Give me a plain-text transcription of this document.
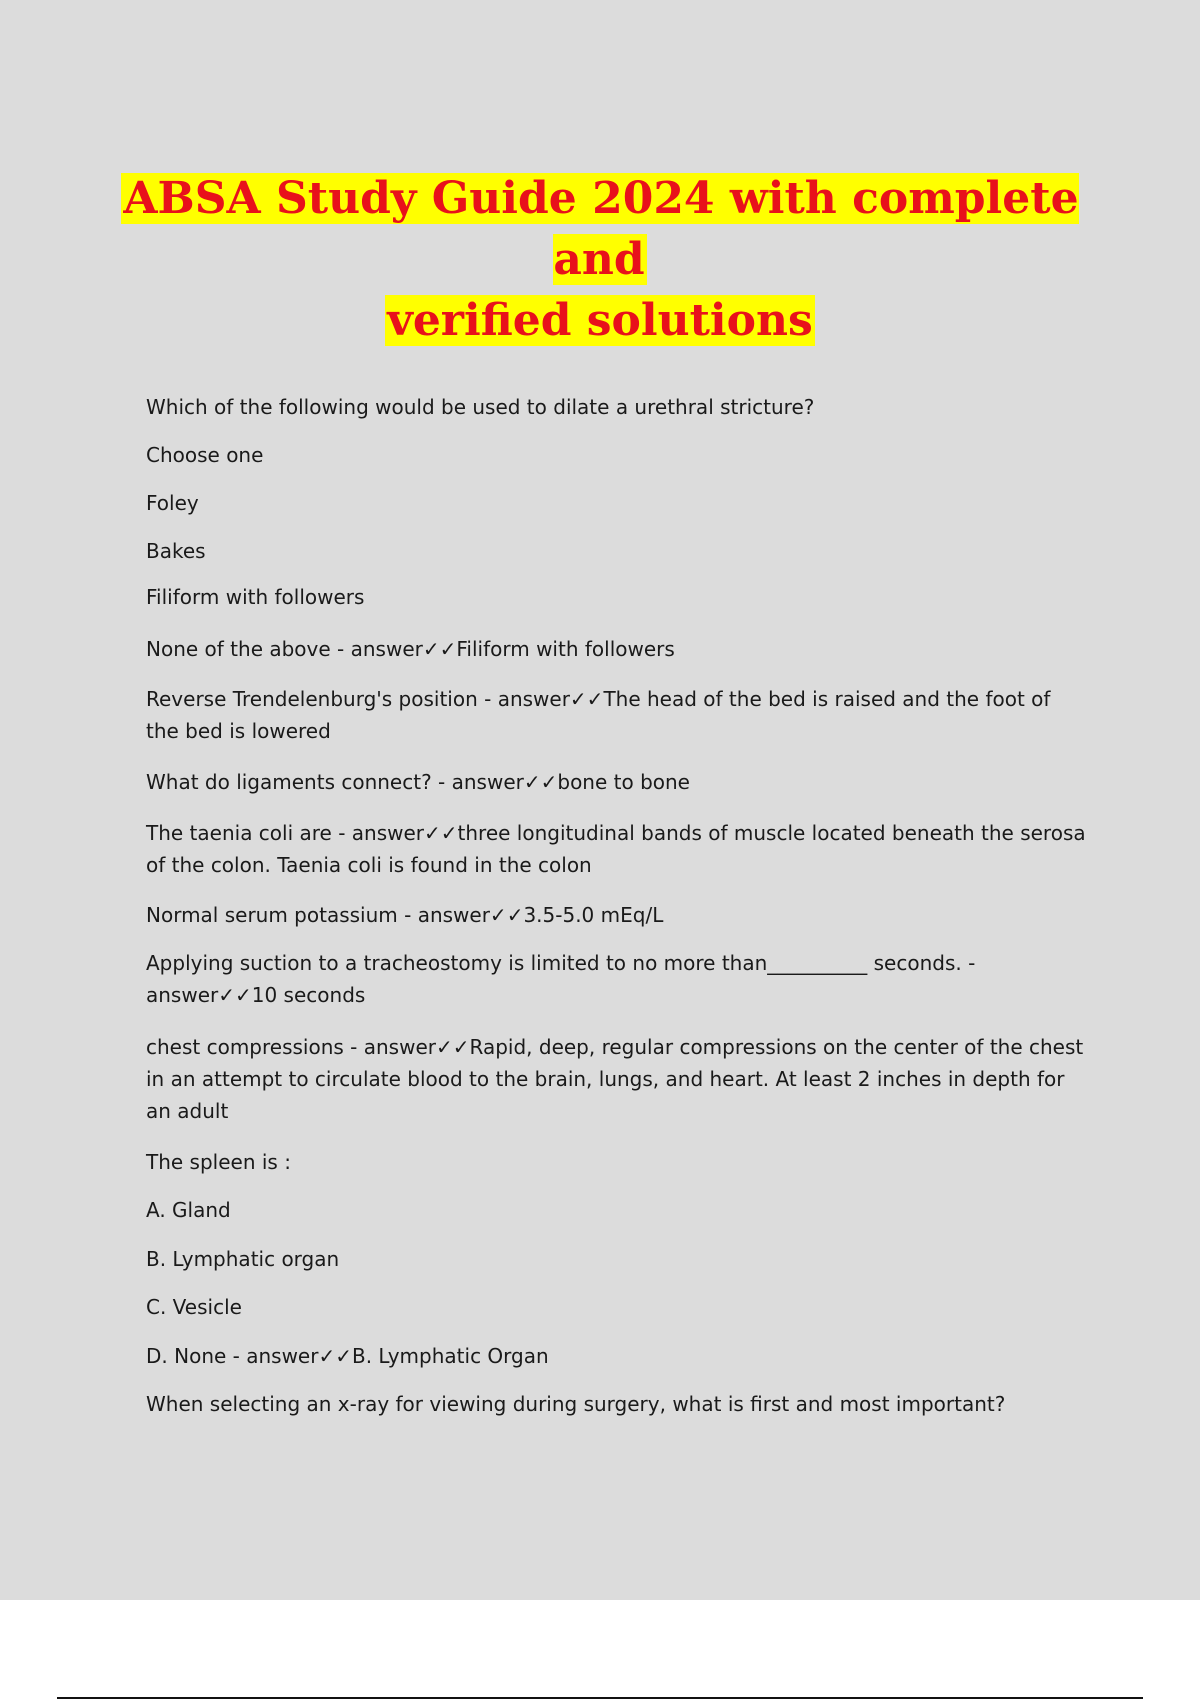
ABSA Study Guide 2024 with complete and
verified solutions

Which of the following would be used to dilate a urethral stricture?

Choose one

Foley

Bakes

Filiform with followers

None of the above - answer✓✓Filiform with followers

Reverse Trendelenburg's position - answer✓✓The head of the bed is raised and the foot of the bed is lowered

What do ligaments connect? - answer✓✓bone to bone

The taenia coli are - answer✓✓three longitudinal bands of muscle located beneath the serosa of the colon. Taenia coli is found in the colon

Normal serum potassium - answer✓✓3.5-5.0 mEq/L

Applying suction to a tracheostomy is limited to no more than__________ seconds. - answer✓✓10 seconds

chest compressions - answer✓✓Rapid, deep, regular compressions on the center of the chest in an attempt to circulate blood to the brain, lungs, and heart. At least 2 inches in depth for an adult

The spleen is :

A. Gland

B. Lymphatic organ

C. Vesicle

D. None - answer✓✓B. Lymphatic Organ

When selecting an x-ray for viewing during surgery, what is first and most important?
